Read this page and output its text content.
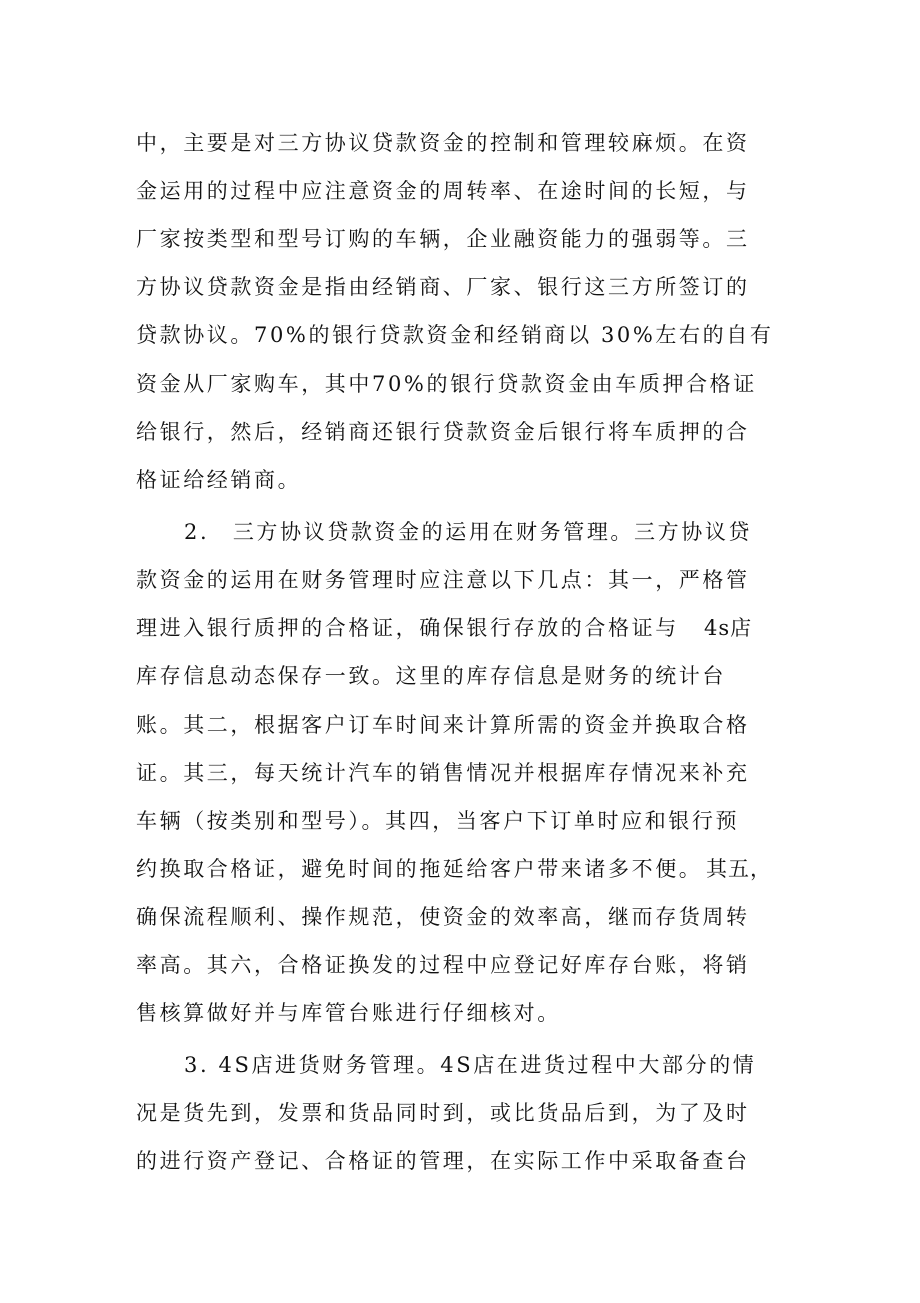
中，主要是对三方协议贷款资金的控制和管理较麻烦。在资
金运用的过程中应注意资金的周转率、在途时间的长短，与
厂家按类型和型号订购的车辆，企业融资能力的强弱等。三
方协议贷款资金是指由经销商、厂家、银行这三方所签订的
贷款协议。70%的银行贷款资金和经销商以 30%左右的自有
资金从厂家购车，其中70%的银行贷款资金由车质押合格证
给银行，然后，经销商还银行贷款资金后银行将车质押的合
格证给经销商。
2.　三方协议贷款资金的运用在财务管理。三方协议贷
款资金的运用在财务管理时应注意以下几点：其一，严格管
理进入银行质押的合格证，确保银行存放的合格证与 4s店
库存信息动态保存一致。这里的库存信息是财务的统计台
账。其二，根据客户订车时间来计算所需的资金并换取合格
证。其三，每天统计汽车的销售情况并根据库存情况来补充
车辆（按类别和型号）。其四，当客户下订单时应和银行预
约换取合格证，避免时间的拖延给客户带来诸多不便。 其五，
确保流程顺利、操作规范，使资金的效率高，继而存货周转
率高。其六，合格证换发的过程中应登记好库存台账，将销
售核算做好并与库管台账进行仔细核对。
3. 4S店进货财务管理。4S店在进货过程中大部分的情
况是货先到，发票和货品同时到，或比货品后到，为了及时
的进行资产登记、合格证的管理，在实际工作中采取备查台
